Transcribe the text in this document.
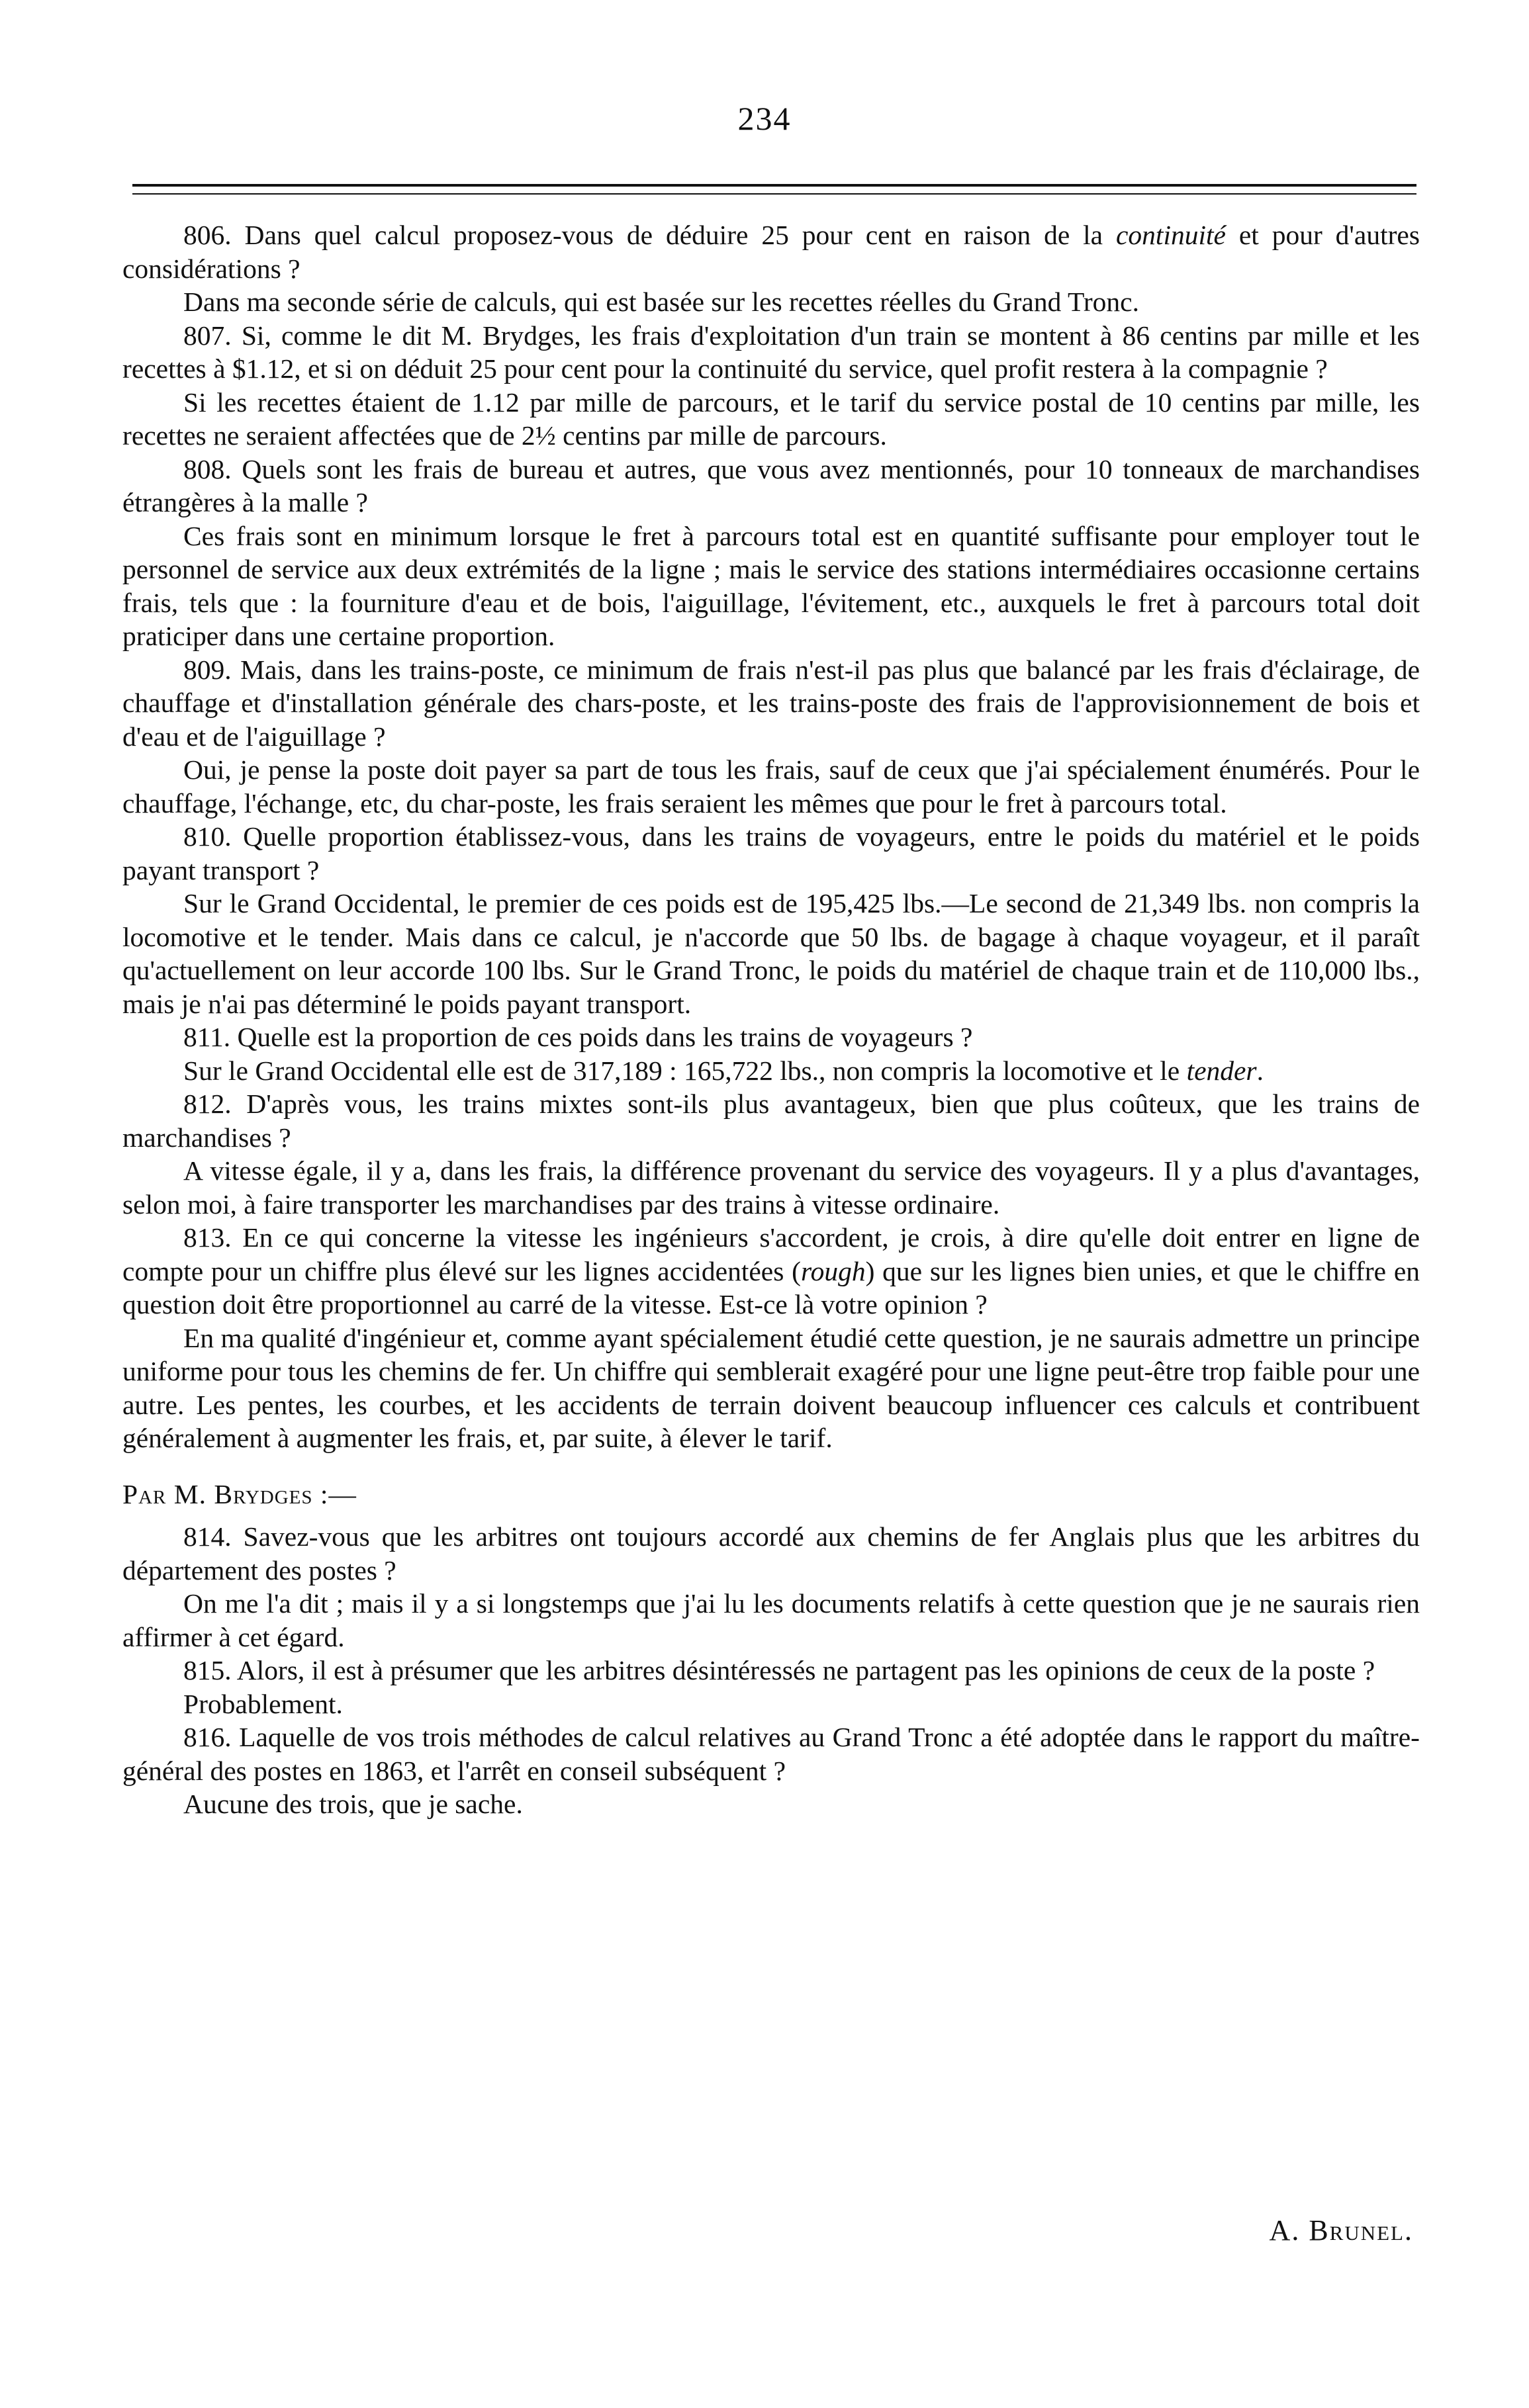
234

806. Dans quel calcul proposez-vous de déduire 25 pour cent en raison de la continuité et pour d'autres considérations ?

Dans ma seconde série de calculs, qui est basée sur les recettes réelles du Grand Tronc.

807. Si, comme le dit M. Brydges, les frais d'exploitation d'un train se montent à 86 centins par mille et les recettes à $1.12, et si on déduit 25 pour cent pour la continuité du service, quel profit restera à la compagnie ?

Si les recettes étaient de 1.12 par mille de parcours, et le tarif du service postal de 10 centins par mille, les recettes ne seraient affectées que de 2½ centins par mille de parcours.

808. Quels sont les frais de bureau et autres, que vous avez mentionnés, pour 10 tonneaux de marchandises étrangères à la malle ?

Ces frais sont en minimum lorsque le fret à parcours total est en quantité suffisante pour employer tout le personnel de service aux deux extrémités de la ligne ; mais le service des stations intermédiaires occasionne certains frais, tels que : la fourniture d'eau et de bois, l'aiguillage, l'évitement, etc., auxquels le fret à parcours total doit praticiper dans une certaine proportion.

809. Mais, dans les trains-poste, ce minimum de frais n'est-il pas plus que balancé par les frais d'éclairage, de chauffage et d'installation générale des chars-poste, et les trains-poste des frais de l'approvisionnement de bois et d'eau et de l'aiguillage ?

Oui, je pense la poste doit payer sa part de tous les frais, sauf de ceux que j'ai spécialement énumérés. Pour le chauffage, l'échange, etc, du char-poste, les frais seraient les mêmes que pour le fret à parcours total.

810. Quelle proportion établissez-vous, dans les trains de voyageurs, entre le poids du matériel et le poids payant transport ?

Sur le Grand Occidental, le premier de ces poids est de 195,425 lbs.—Le second de 21,349 lbs. non compris la locomotive et le tender. Mais dans ce calcul, je n'accorde que 50 lbs. de bagage à chaque voyageur, et il paraît qu'actuellement on leur accorde 100 lbs. Sur le Grand Tronc, le poids du matériel de chaque train et de 110,000 lbs., mais je n'ai pas déterminé le poids payant transport.

811. Quelle est la proportion de ces poids dans les trains de voyageurs ?

Sur le Grand Occidental elle est de 317,189 : 165,722 lbs., non compris la locomotive et le tender.

812. D'après vous, les trains mixtes sont-ils plus avantageux, bien que plus coûteux, que les trains de marchandises ?

A vitesse égale, il y a, dans les frais, la différence provenant du service des voyageurs. Il y a plus d'avantages, selon moi, à faire transporter les marchandises par des trains à vitesse ordinaire.

813. En ce qui concerne la vitesse les ingénieurs s'accordent, je crois, à dire qu'elle doit entrer en ligne de compte pour un chiffre plus élevé sur les lignes accidentées (rough) que sur les lignes bien unies, et que le chiffre en question doit être proportionnel au carré de la vitesse. Est-ce là votre opinion ?

En ma qualité d'ingénieur et, comme ayant spécialement étudié cette question, je ne saurais admettre un principe uniforme pour tous les chemins de fer. Un chiffre qui semblerait exagéré pour une ligne peut-être trop faible pour une autre. Les pentes, les courbes, et les accidents de terrain doivent beaucoup influencer ces calculs et contribuent généralement à augmenter les frais, et, par suite, à élever le tarif.

Par M. Brydges :—

814. Savez-vous que les arbitres ont toujours accordé aux chemins de fer Anglais plus que les arbitres du département des postes ?

On me l'a dit ; mais il y a si longstemps que j'ai lu les documents relatifs à cette question que je ne saurais rien affirmer à cet égard.

815. Alors, il est à présumer que les arbitres désintéressés ne partagent pas les opinions de ceux de la poste ?

Probablement.

816. Laquelle de vos trois méthodes de calcul relatives au Grand Tronc a été adoptée dans le rapport du maître-général des postes en 1863, et l'arrêt en conseil subséquent ?

Aucune des trois, que je sache.

A. Brunel.
